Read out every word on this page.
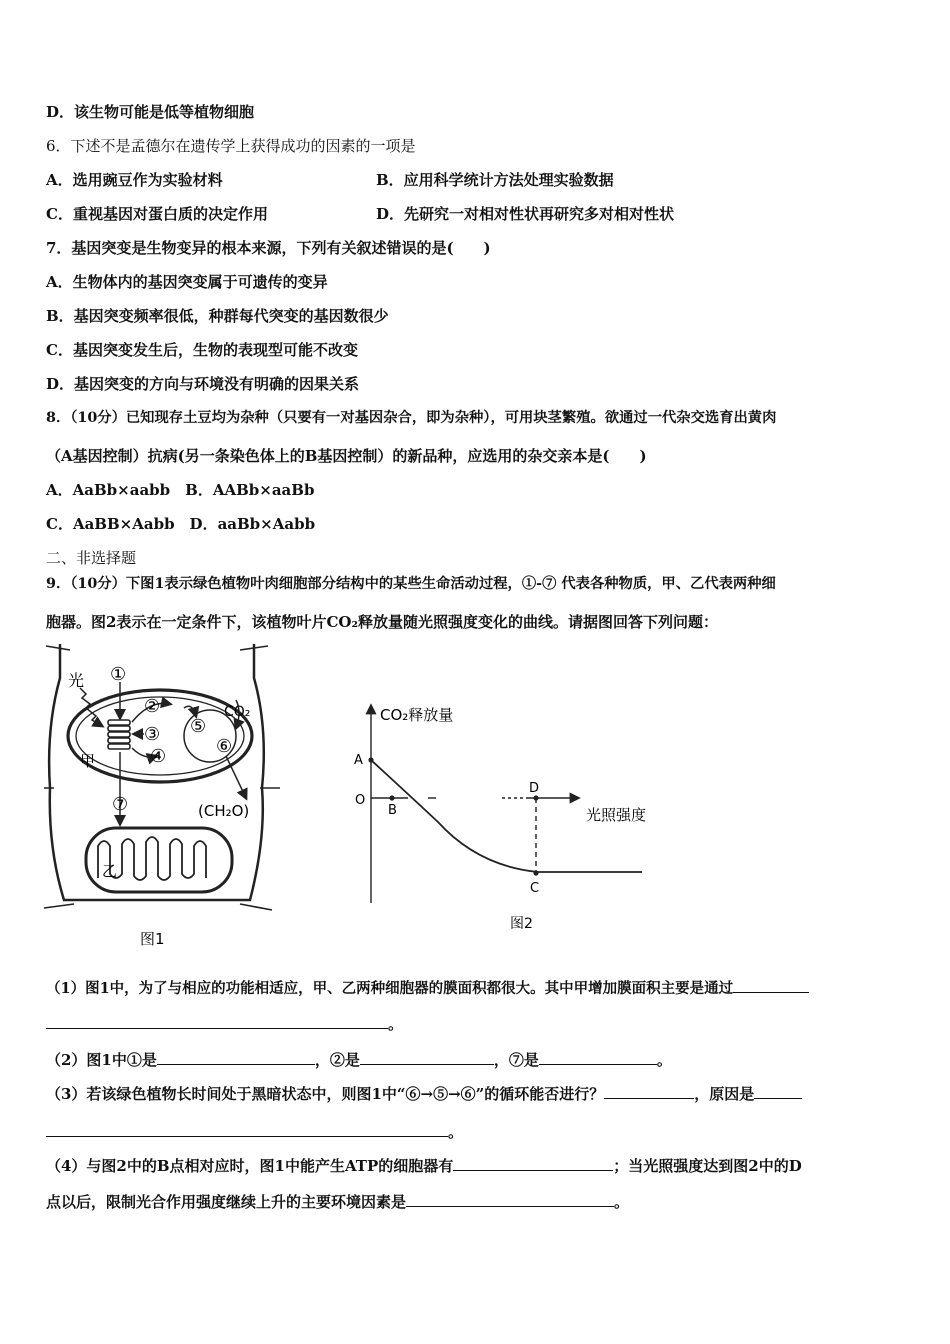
D．该生物可能是低等植物细胞
6．下述不是孟德尔在遗传学上获得成功的因素的一项是
A．选用豌豆作为实验材料	B．应用科学统计方法处理实验数据
C．重视基因对蛋白质的决定作用	D．先研究一对相对性状再研究多对相对性状
7．基因突变是生物变异的根本来源，下列有关叙述错误的是(　　)
A．生物体内的基因突变属于可遗传的变异
B．基因突变频率很低，种群每代突变的基因数很少
C．基因突变发生后，生物的表现型可能不改变
D．基因突变的方向与环境没有明确的因果关系
8．（10分）已知现存土豆均为杂种（只要有一对基因杂合，即为杂种），可用块茎繁殖。欲通过一代杂交选育出黄肉
（A基因控制）抗病(另一条染色体上的B基因控制）的新品种，应选用的杂交亲本是(　　)
A．AaBb×aabb　B．AABb×aaBb
C．AaBB×Aabb　D．aaBb×Aabb
二、非选择题
9．（10分）下图1表示绿色植物叶肉细胞部分结构中的某些生命活动过程，①-⑦ 代表各种物质，甲、乙代表两种细
胞器。图2表示在一定条件下，该植物叶片CO₂释放量随光照强度变化的曲线。请据图回答下列问题：
光 ①
②
③
④
⑤
⑥
⑦
CO₂
(CH₂O)
甲
乙
图1
CO₂释放量
光照强度
A
O
B
D
C
图2
（1）图1中，为了与相应的功能相适应，甲、乙两种细胞器的膜面积都很大。其中甲增加膜面积主要是通过
。
（2）图1中①是	，②是	，⑦是	。
（3）若该绿色植物长时间处于黑暗状态中，则图1中“⑥→⑤→⑥”的循环能否进行？	，原因是
。
（4）与图2中的B点相对应时，图1中能产生ATP的细胞器有	；当光照强度达到图2中的D
点以后，限制光合作用强度继续上升的主要环境因素是	。
